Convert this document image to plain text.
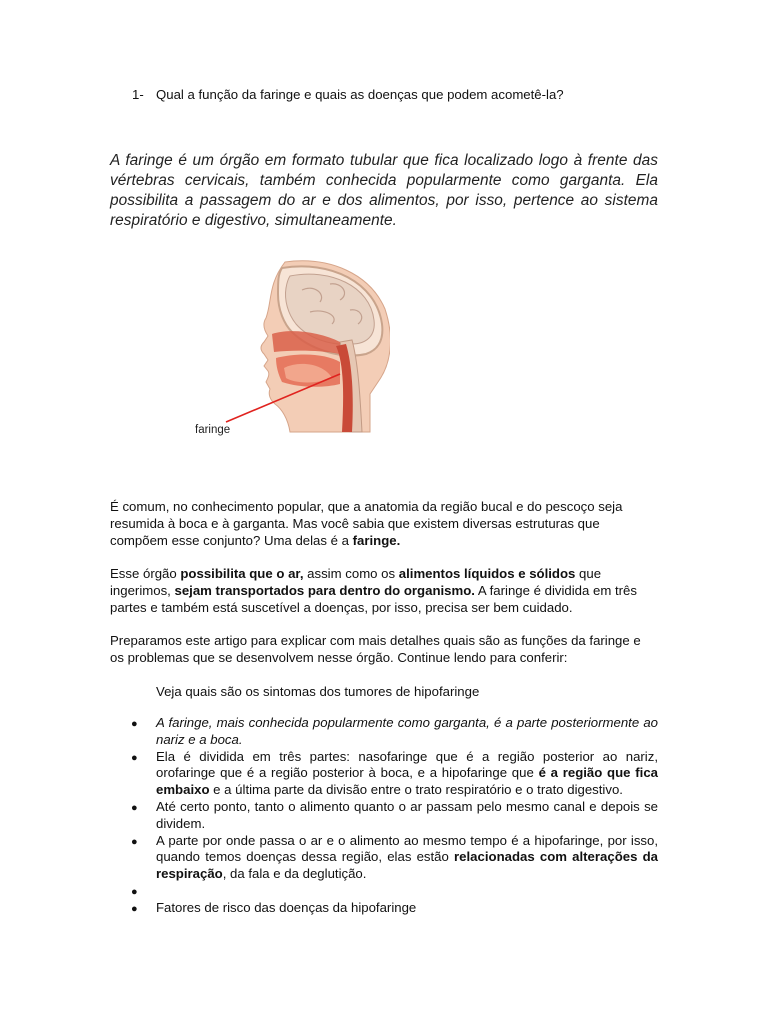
1- Qual a função da faringe e quais as doenças que podem acometê-la?
A faringe é um órgão em formato tubular que fica localizado logo à frente das vértebras cervicais, também conhecida popularmente como garganta. Ela possibilita a passagem do ar e dos alimentos, por isso, pertence ao sistema respiratório e digestivo, simultaneamente.
faringe
É comum, no conhecimento popular, que a anatomia da região bucal e do pescoço seja resumida à boca e à garganta. Mas você sabia que existem diversas estruturas que compõem esse conjunto? Uma delas é a faringe.
Esse órgão possibilita que o ar, assim como os alimentos líquidos e sólidos que ingerimos, sejam transportados para dentro do organismo. A faringe é dividida em três partes e também está suscetível a doenças, por isso, precisa ser bem cuidado.
Preparamos este artigo para explicar com mais detalhes quais são as funções da faringe e os problemas que se desenvolvem nesse órgão. Continue lendo para conferir:
Veja quais são os sintomas dos tumores de hipofaringe
● A faringe, mais conhecida popularmente como garganta, é a parte posteriormente ao nariz e a boca.
● Ela é dividida em três partes: nasofaringe que é a região posterior ao nariz, orofaringe que é a região posterior à boca, e a hipofaringe que é a região que fica embaixo e a última parte da divisão entre o trato respiratório e o trato digestivo.
● Até certo ponto, tanto o alimento quanto o ar passam pelo mesmo canal e depois se dividem.
● A parte por onde passa o ar e o alimento ao mesmo tempo é a hipofaringe, por isso, quando temos doenças dessa região, elas estão relacionadas com alterações da respiração, da fala e da deglutição.
●
● Fatores de risco das doenças da hipofaringe
